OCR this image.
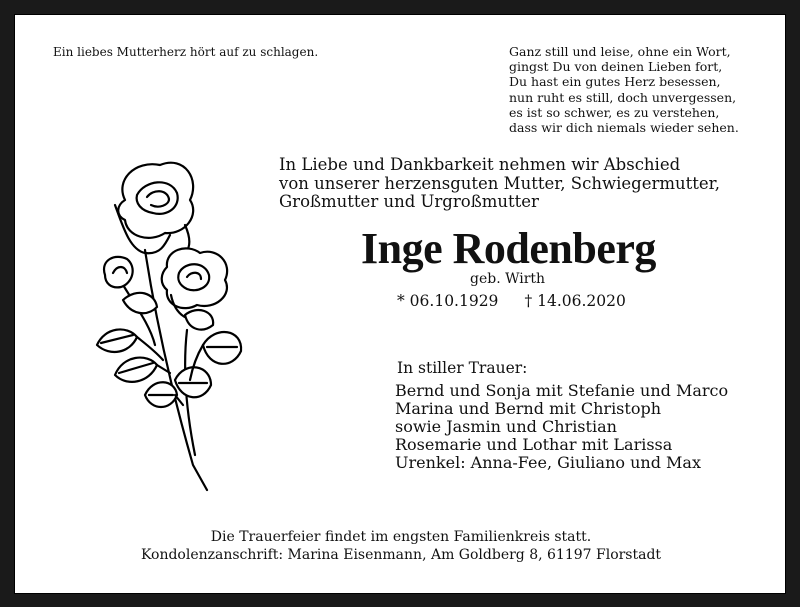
Ein liebes Mutterherz hört auf zu schlagen.	Ganz still und leise, ohne ein Wort,
gingst Du von deinen Lieben fort,
Du hast ein gutes Herz besessen,
nun ruht es still, doch unvergessen,
es ist so schwer, es zu verstehen,
dass wir dich niemals wieder sehen.
In Liebe und Dankbarkeit nehmen wir Abschied
von unserer herzensguten Mutter, Schwiegermutter,
Großmutter und Urgroßmutter
Inge Rodenberg
geb. Wirth
* 06.10.1929 † 14.06.2020
In stiller Trauer:
Bernd und Sonja mit Stefanie und Marco
Marina und Bernd mit Christoph
sowie Jasmin und Christian
Rosemarie und Lothar mit Larissa
Urenkel: Anna-Fee, Giuliano und Max
Die Trauerfeier findet im engsten Familienkreis statt.
Kondolenzanschrift: Marina Eisenmann, Am Goldberg 8, 61197 Florstadt
